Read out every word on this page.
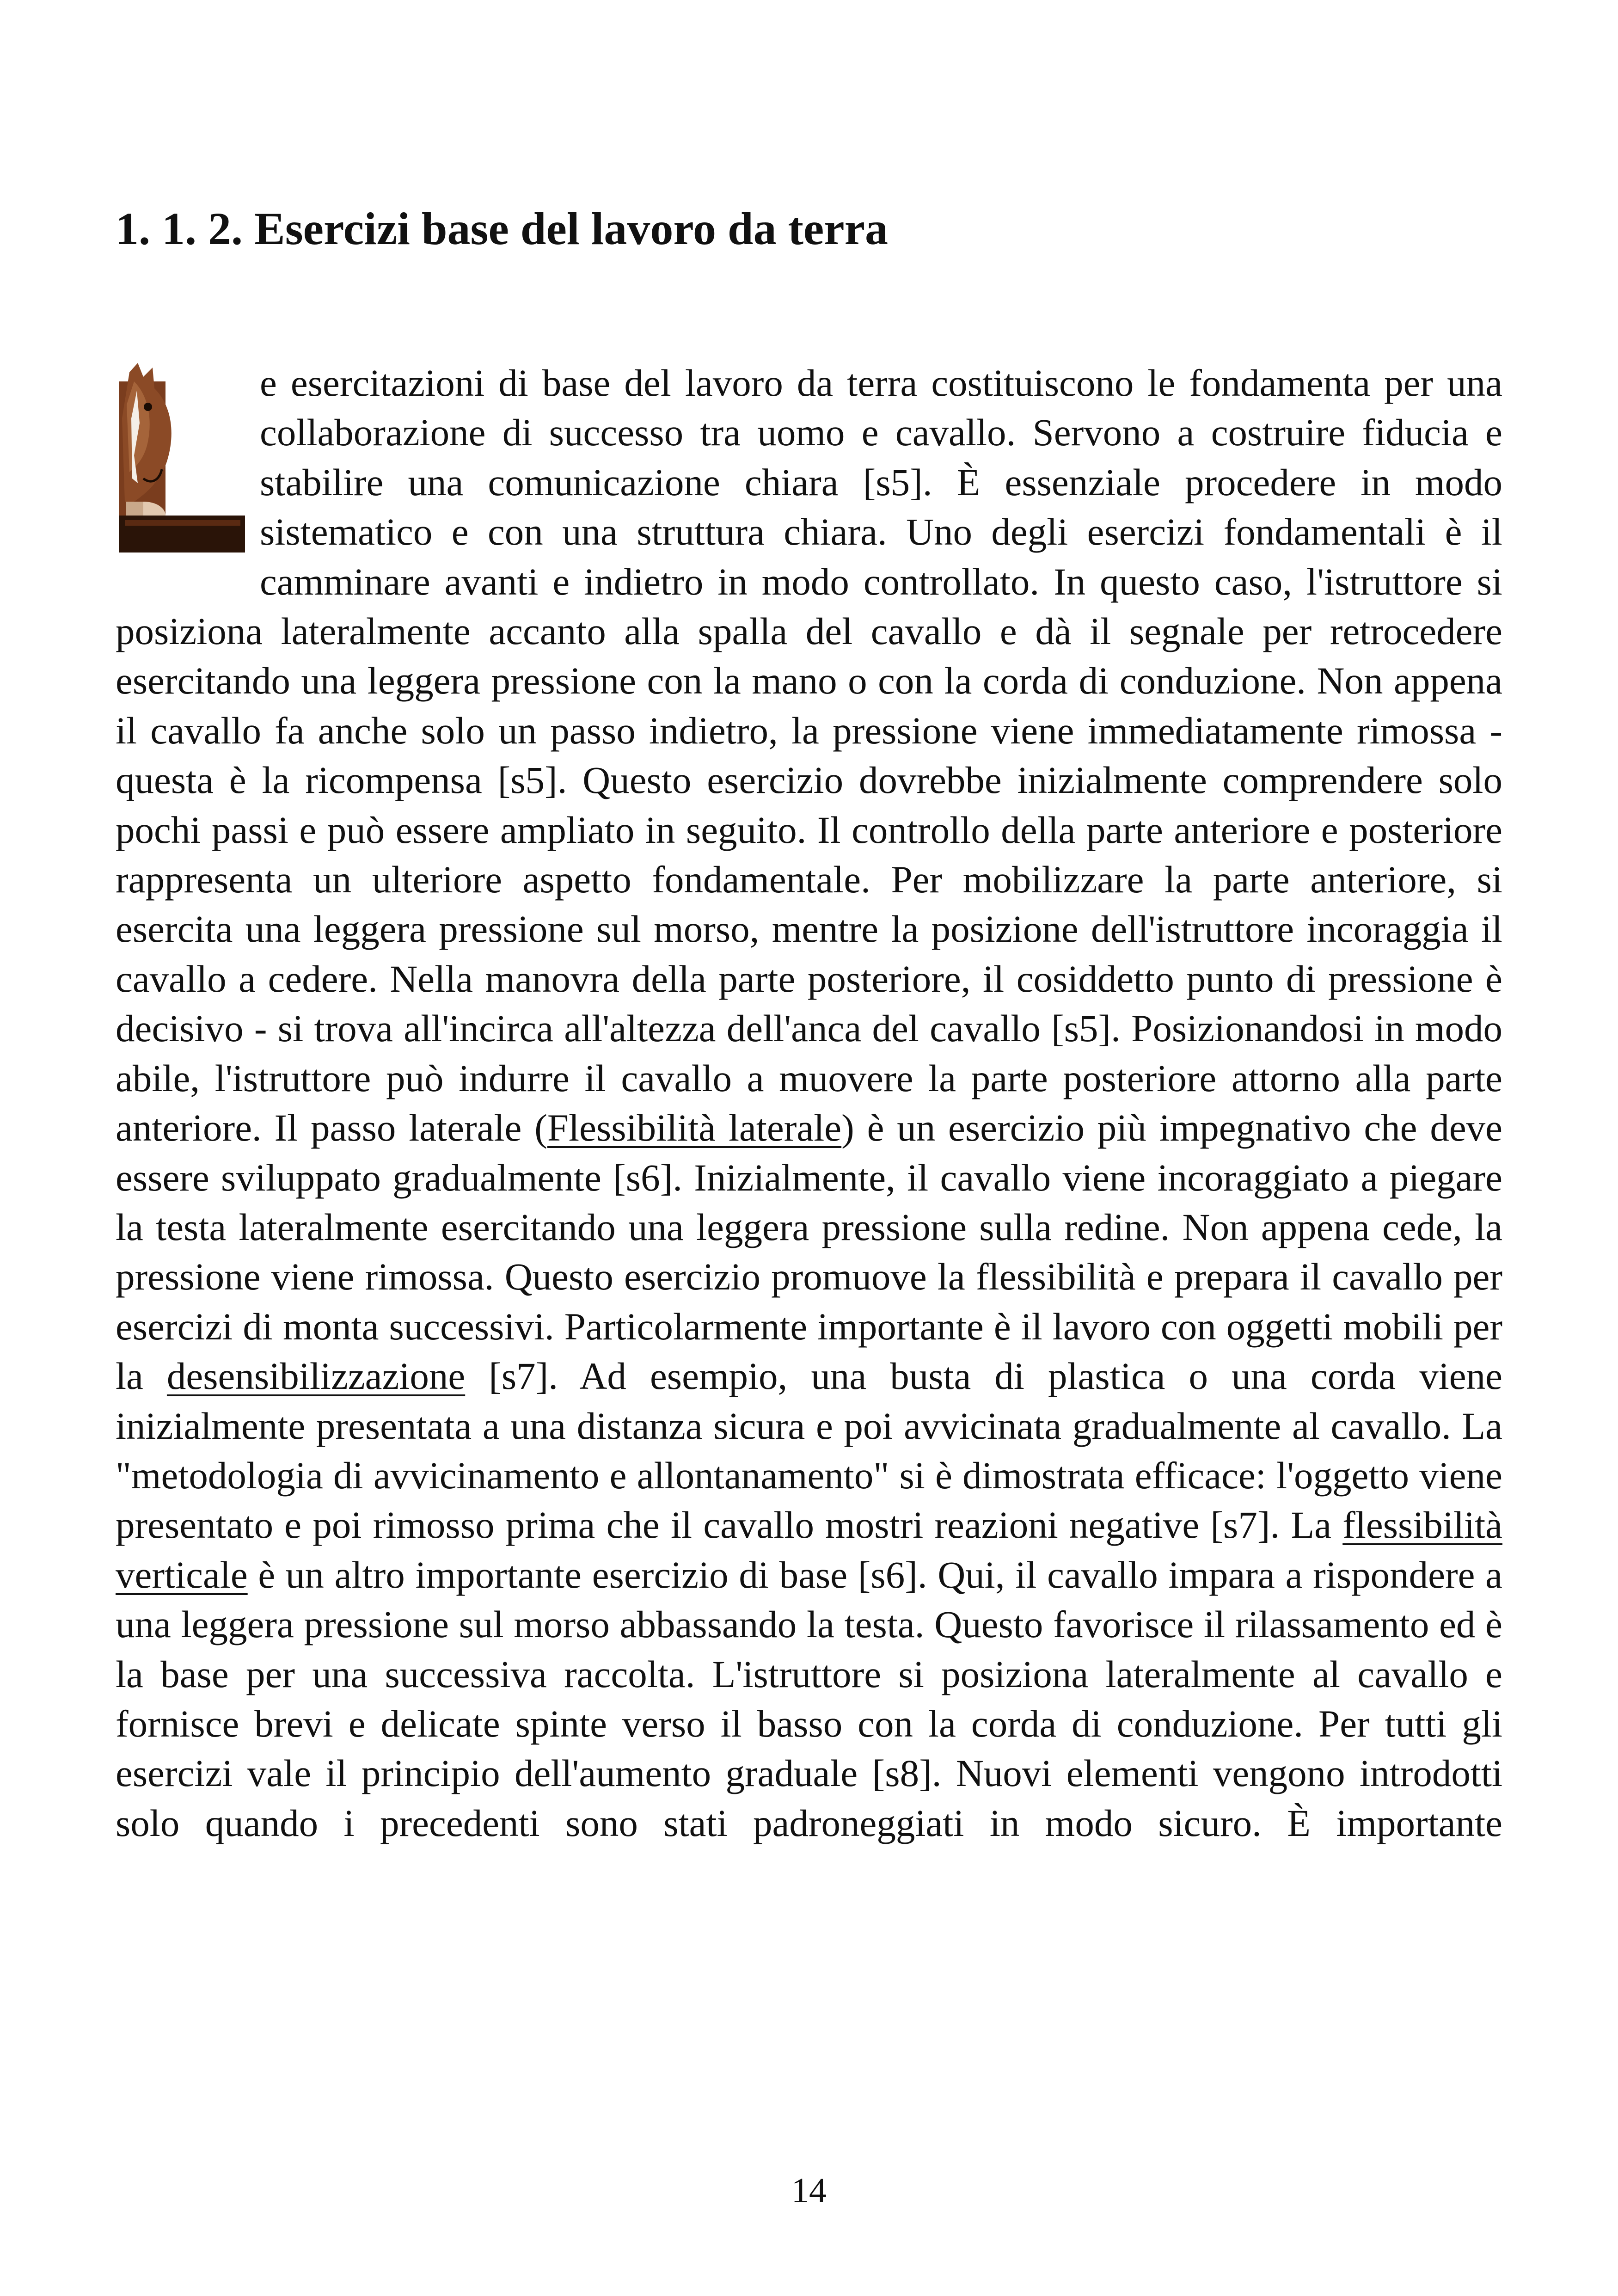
1. 1. 2. Esercizi base del lavoro da terra

e esercitazioni di base del lavoro da terra costituiscono le fondamenta per una collaborazione di successo tra uomo e cavallo. Servono a costruire fiducia e stabilire una comunicazione chiara [s5]. È essenziale procedere in modo sistematico e con una struttura chiara. Uno degli esercizi fondamentali è il camminare avanti e indietro in modo controllato. In questo caso, l'istruttore si posiziona lateralmente accanto alla spalla del cavallo e dà il segnale per retrocedere esercitando una leggera pressione con la mano o con la corda di conduzione. Non appena il cavallo fa anche solo un passo indietro, la pressione viene immediatamente rimossa - questa è la ricompensa [s5]. Questo esercizio dovrebbe inizialmente comprendere solo pochi passi e può essere ampliato in seguito. Il controllo della parte anteriore e posteriore rappresenta un ulteriore aspetto fondamentale. Per mobilizzare la parte anteriore, si esercita una leggera pressione sul morso, mentre la posizione dell'istruttore incoraggia il cavallo a cedere. Nella manovra della parte posteriore, il cosiddetto punto di pressione è decisivo - si trova all'incirca all'altezza dell'anca del cavallo [s5]. Posizionandosi in modo abile, l'istruttore può indurre il cavallo a muovere la parte posteriore attorno alla parte anteriore. Il passo laterale (Flessibilità laterale) è un esercizio più impegnativo che deve essere sviluppato gradualmente [s6]. Inizialmente, il cavallo viene incoraggiato a piegare la testa lateralmente esercitando una leggera pressione sulla redine. Non appena cede, la pressione viene rimossa. Questo esercizio promuove la flessibilità e prepara il cavallo per esercizi di monta successivi. Particolarmente importante è il lavoro con oggetti mobili per la desensibilizzazione [s7]. Ad esempio, una busta di plastica o una corda viene inizialmente presentata a una distanza sicura e poi avvicinata gradualmente al cavallo. La "metodologia di avvicinamento e allontanamento" si è dimostrata efficace: l'oggetto viene presentato e poi rimosso prima che il cavallo mostri reazioni negative [s7]. La flessibilità verticale è un altro importante esercizio di base [s6]. Qui, il cavallo impara a rispondere a una leggera pressione sul morso abbassando la testa. Questo favorisce il rilassamento ed è la base per una successiva raccolta. L'istruttore si posiziona lateralmente al cavallo e fornisce brevi e delicate spinte verso il basso con la corda di conduzione. Per tutti gli esercizi vale il principio dell'aumento graduale [s8]. Nuovi elementi vengono introdotti solo quando i precedenti sono stati padroneggiati in modo sicuro. È importante

14
